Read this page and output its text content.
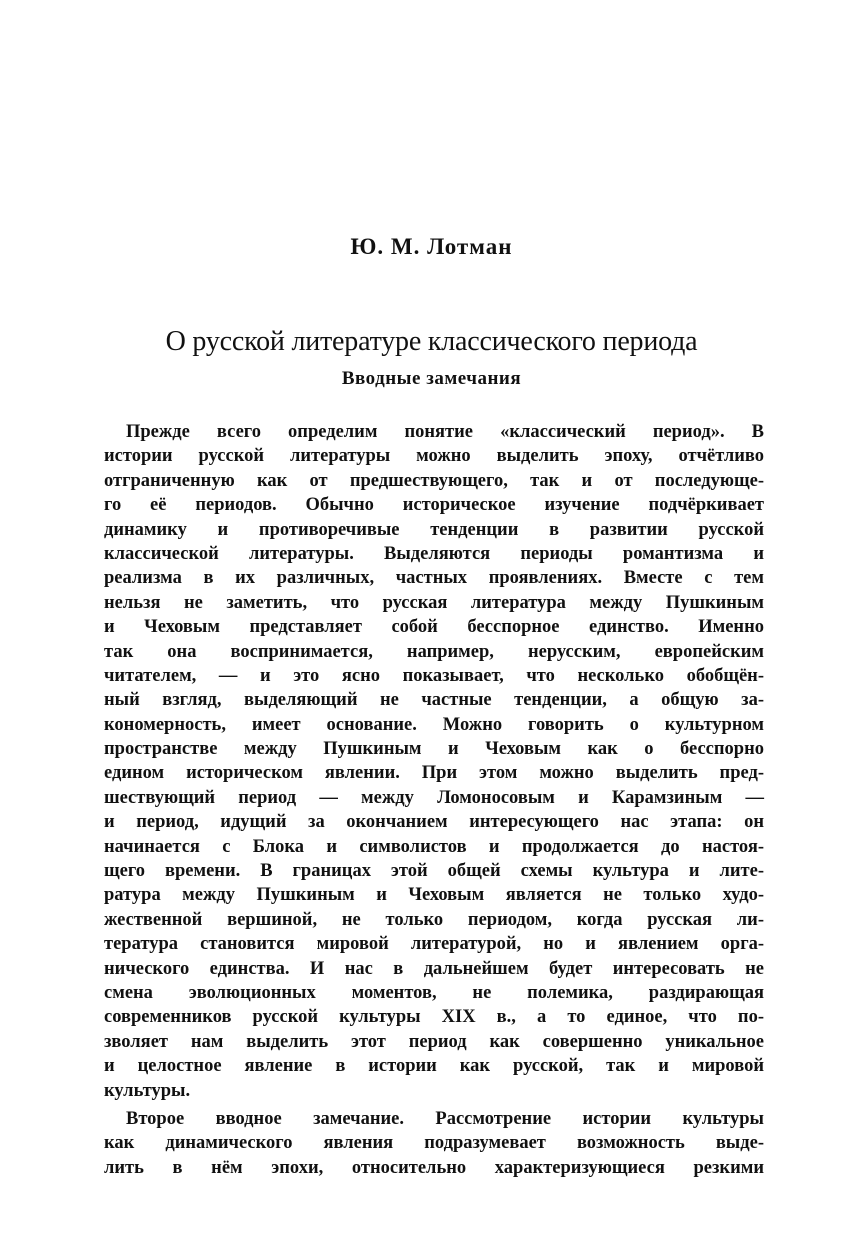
Ю. М. Лотман
О русской литературе классического периода
Вводные замечания
Прежде всего определим понятие «классический период». В
истории русской литературы можно выделить эпоху, отчётливо
отграниченную как от предшествующего, так и от последующе-
го её периодов. Обычно историческое изучение подчёркивает
динамику и противоречивые тенденции в развитии русской
классической литературы. Выделяются периоды романтизма и
реализма в их различных, частных проявлениях. Вместе с тем
нельзя не заметить, что русская литература между Пушкиным
и Чеховым представляет собой бесспорное единство. Именно
так она воспринимается, например, нерусским, европейским
читателем, — и это ясно показывает, что несколько обобщён-
ный взгляд, выделяющий не частные тенденции, а общую за-
кономерность, имеет основание. Можно говорить о культурном
пространстве между Пушкиным и Чеховым как о бесспорно
едином историческом явлении. При этом можно выделить пред-
шествующий период — между Ломоносовым и Карамзиным —
и период, идущий за окончанием интересующего нас этапа: он
начинается с Блока и символистов и продолжается до настоя-
щего времени. В границах этой общей схемы культура и лите-
ратура между Пушкиным и Чеховым является не только худо-
жественной вершиной, не только периодом, когда русская ли-
тература становится мировой литературой, но и явлением орга-
нического единства. И нас в дальнейшем будет интересовать не
смена эволюционных моментов, не полемика, раздирающая
современников русской культуры XIX в., а то единое, что по-
зволяет нам выделить этот период как совершенно уникальное
и целостное явление в истории как русской, так и мировой
культуры.
Второе вводное замечание. Рассмотрение истории культуры
как динамического явления подразумевает возможность выде-
лить в нём эпохи, относительно характеризующиеся резкими
